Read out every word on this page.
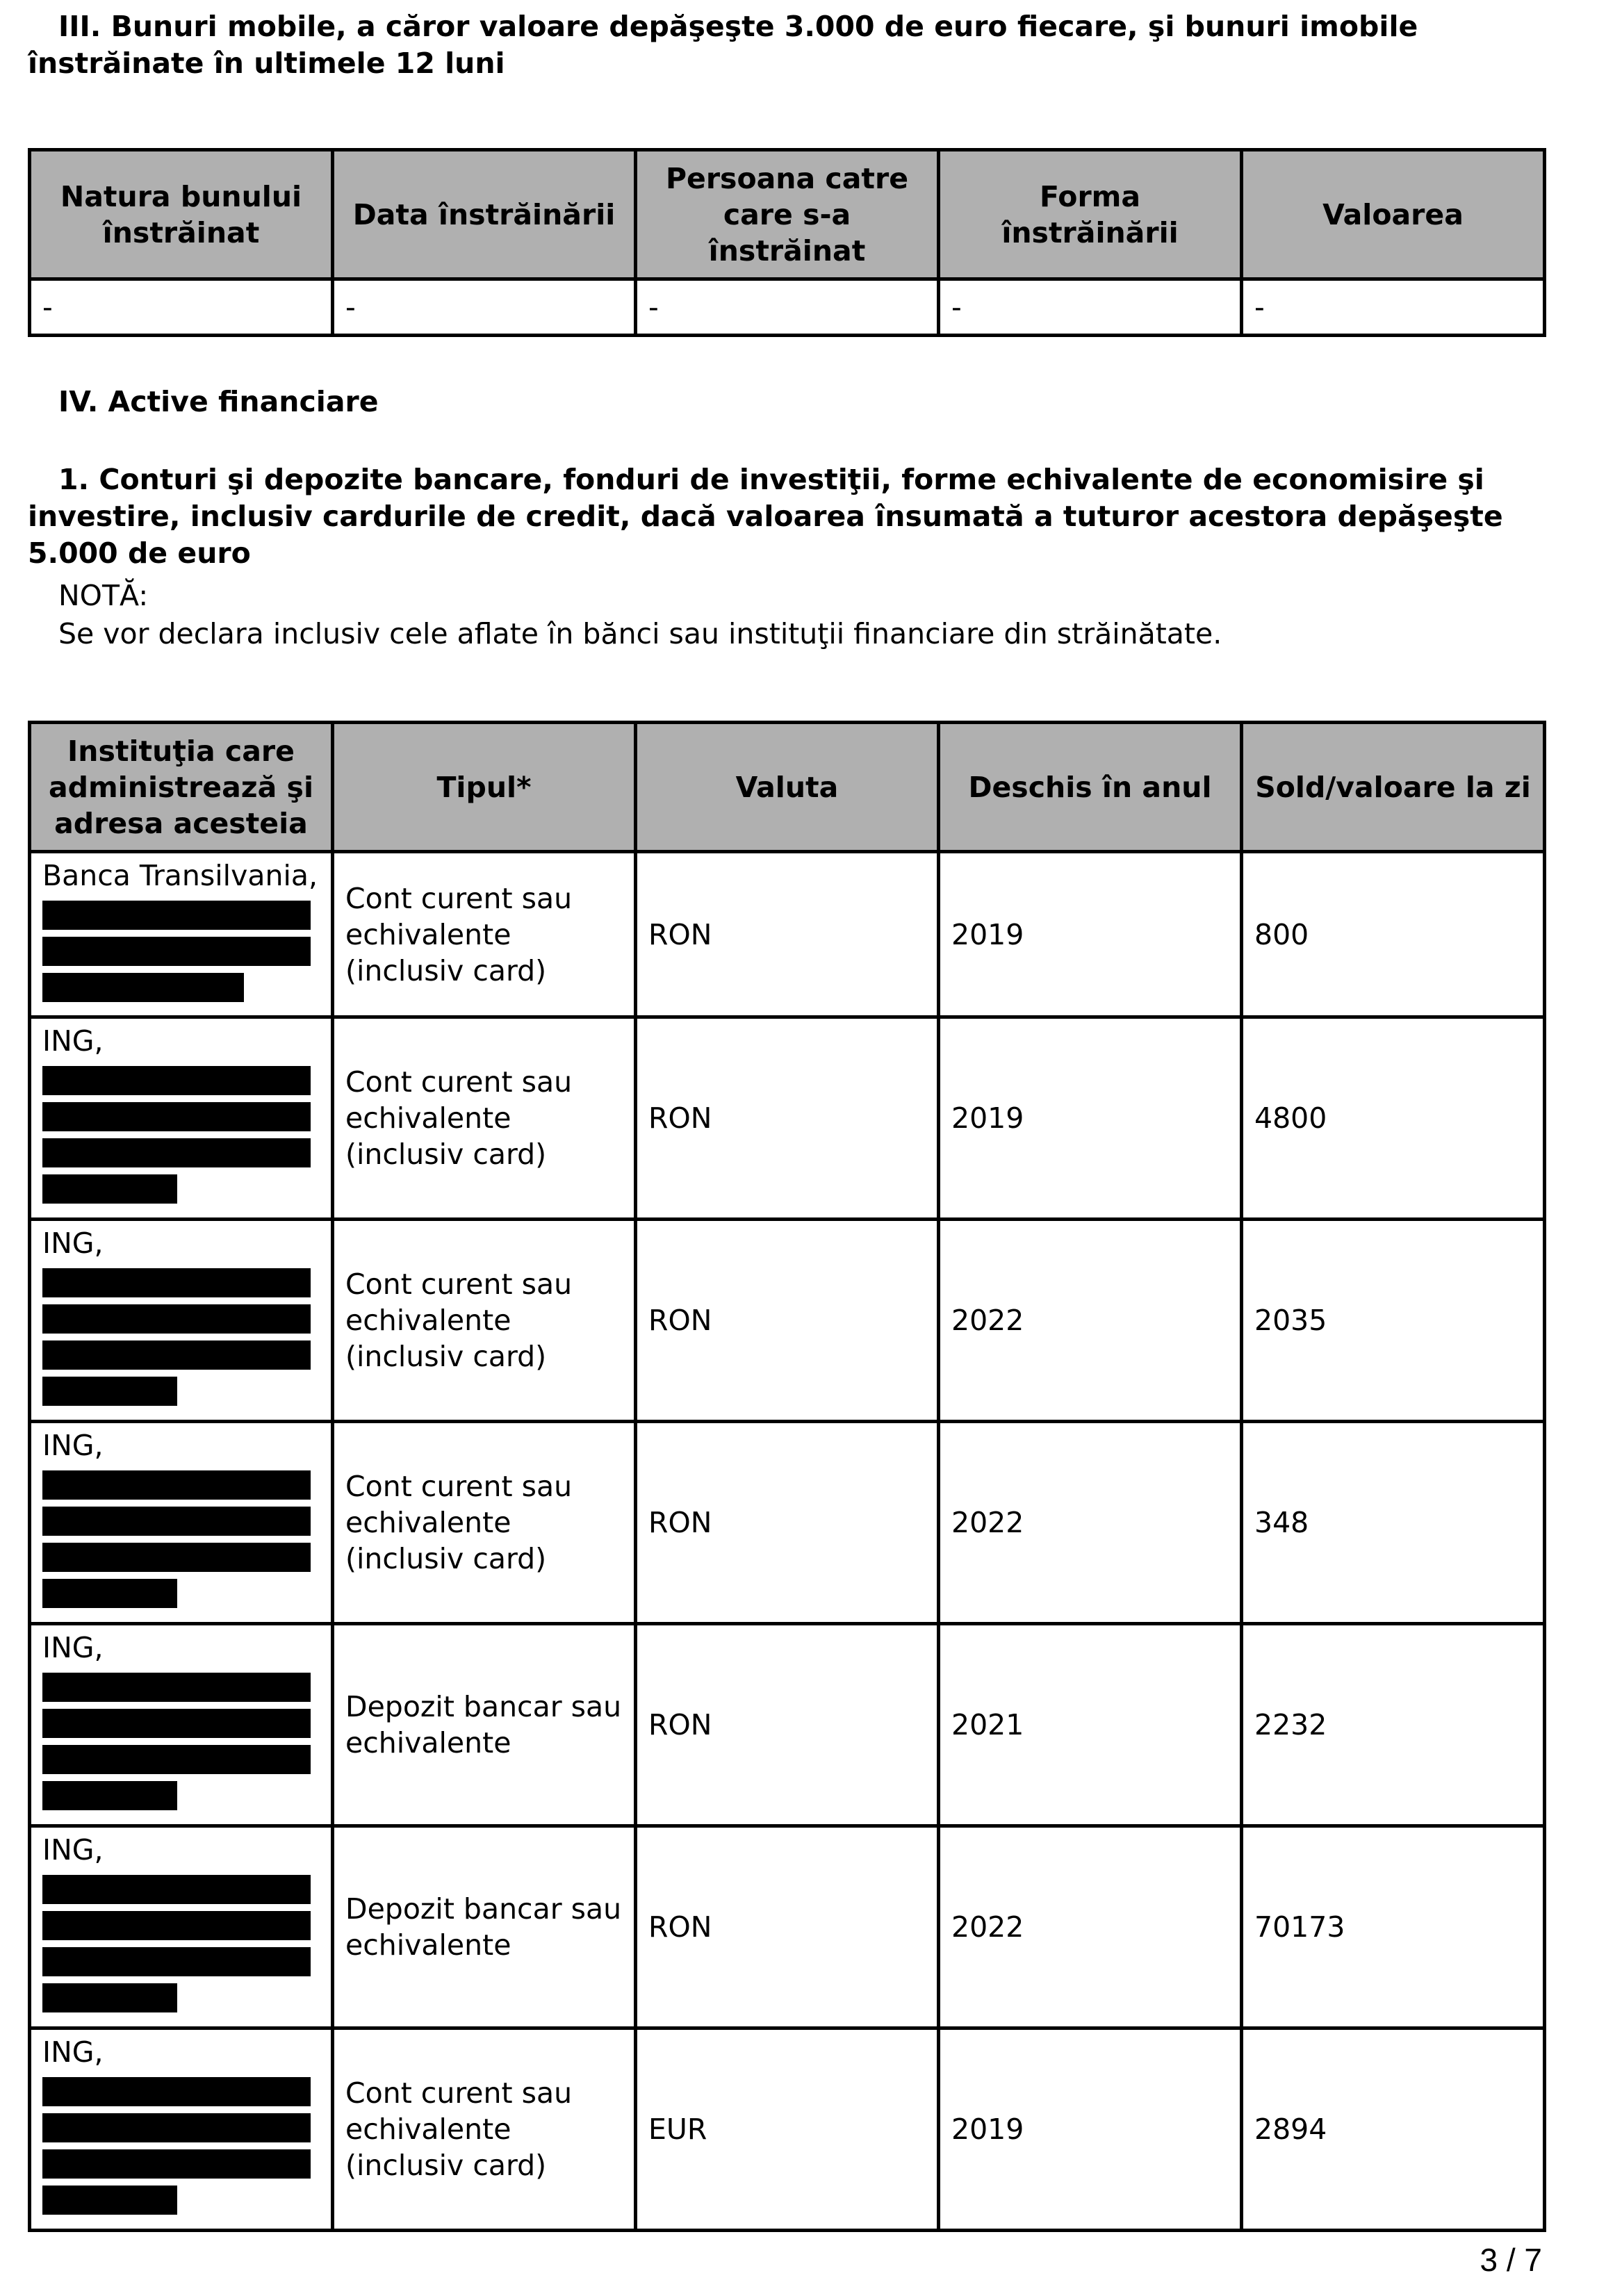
III. Bunuri mobile, a căror valoare depăşeşte 3.000 de euro fiecare, şi bunuri imobile înstrăinate în ultimele 12 luni

Natura bunului înstrăinat	Data înstrăinării	Persoana catre care s-a înstrăinat	Forma înstrăinării	Valoarea
-	-	-	-	-

IV. Active financiare

1. Conturi şi depozite bancare, fonduri de investiţii, forme echivalente de economisire şi investire, inclusiv cardurile de credit, dacă valoarea însumată a tuturor acestora depăşeşte 5.000 de euro

NOTĂ:
Se vor declara inclusiv cele aflate în bănci sau instituţii financiare din străinătate.
Instituţia care administrează şi adresa acesteia	Tipul*	Valuta	Deschis în anul	Sold/valoare la zi

Banca Transilvania,	Cont curent sau echivalente (inclusiv card)	RON	2019	800

ING,	Cont curent sau echivalente (inclusiv card)	RON	2019	4800

ING,	Cont curent sau echivalente (inclusiv card)	RON	2022	2035

ING,	Cont curent sau echivalente (inclusiv card)	RON	2022	348

ING,	Depozit bancar sau echivalente	RON	2021	2232

ING,	Depozit bancar sau echivalente	RON	2022	70173

ING,	Cont curent sau echivalente (inclusiv card)	EUR	2019	2894
3 / 7
